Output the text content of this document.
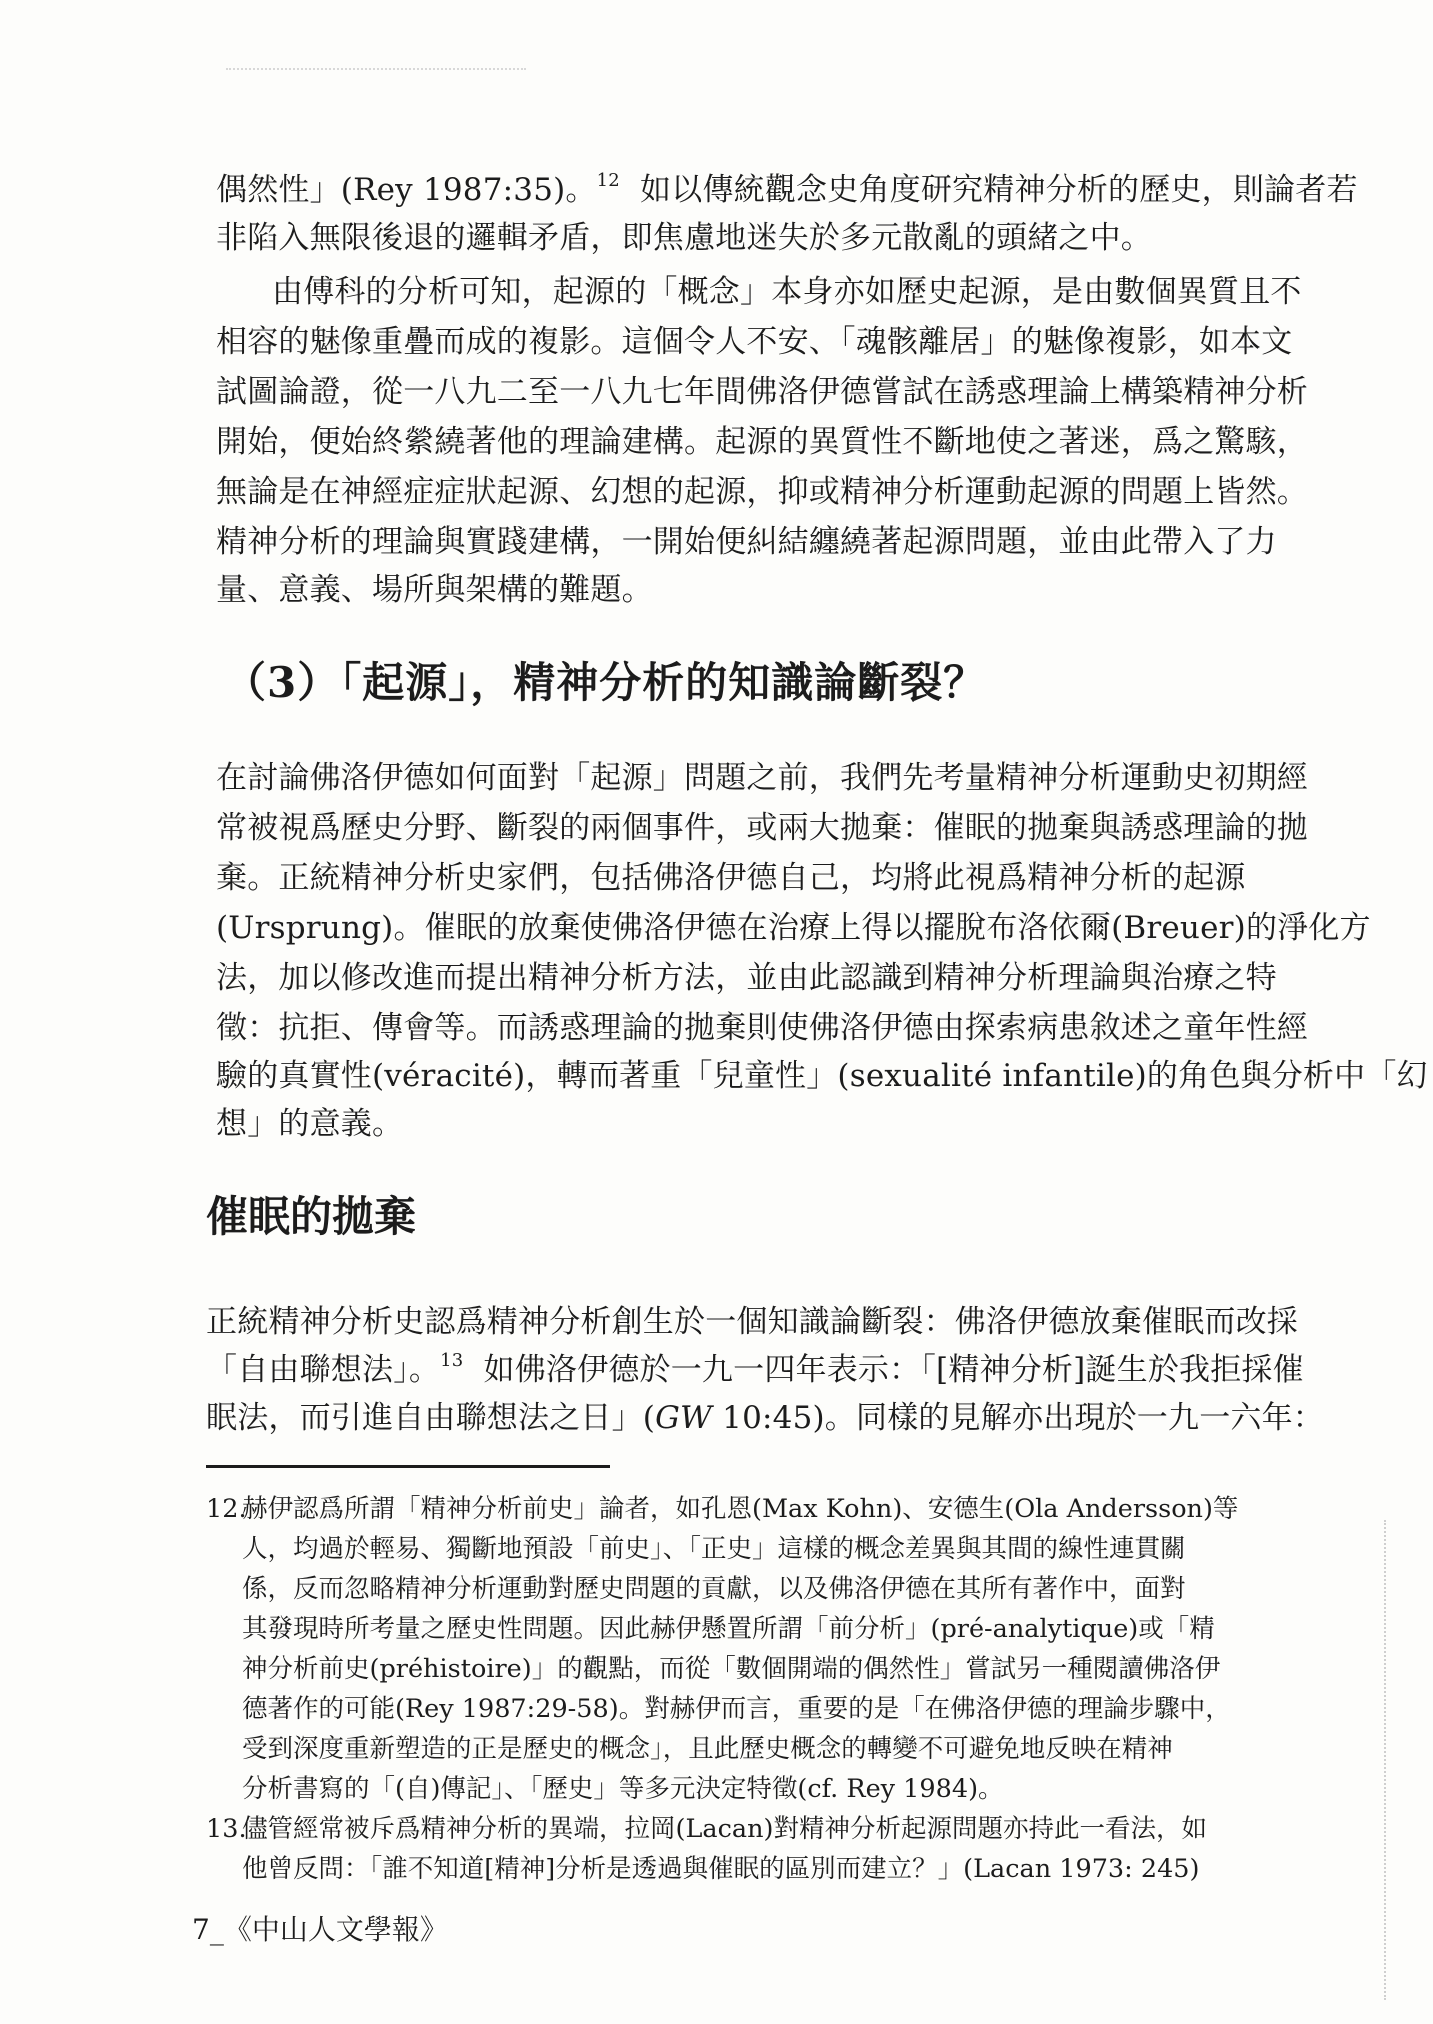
偶然性」(Rey 1987:35)。$^{12}$ 如以傳統觀念史角度研究精神分析的歷史，則論者若
非陷入無限後退的邏輯矛盾，即焦慮地迷失於多元散亂的頭緒之中。
由傅科的分析可知，起源的「概念」本身亦如歷史起源，是由數個異質且不
相容的魅像重疊而成的複影。這個令人不安、「魂骸離居」的魅像複影，如本文
試圖論證，從一八九二至一八九七年間佛洛伊德嘗試在誘惑理論上構築精神分析
開始，便始終縈繞著他的理論建構。起源的異質性不斷地使之著迷，爲之驚駭，
無論是在神經症症狀起源、幻想的起源，抑或精神分析運動起源的問題上皆然。
精神分析的理論與實踐建構，一開始便糾結纏繞著起源問題，並由此帶入了力
量、意義、場所與架構的難題。
（3）「起源」，精神分析的知識論斷裂？
在討論佛洛伊德如何面對「起源」問題之前，我們先考量精神分析運動史初期經
常被視爲歷史分野、斷裂的兩個事件，或兩大拋棄：催眠的拋棄與誘惑理論的拋
棄。正統精神分析史家們，包括佛洛伊德自己，均將此視爲精神分析的起源
(Ursprung)。催眠的放棄使佛洛伊德在治療上得以擺脫布洛依爾(Breuer)的淨化方
法，加以修改進而提出精神分析方法，並由此認識到精神分析理論與治療之特
徵：抗拒、傳會等。而誘惑理論的拋棄則使佛洛伊德由探索病患敘述之童年性經
驗的真實性(véracité)，轉而著重「兒童性」(sexualité infantile)的角色與分析中「幻
想」的意義。
催眠的拋棄
正統精神分析史認爲精神分析創生於一個知識論斷裂：佛洛伊德放棄催眠而改採
「自由聯想法」。$^{13}$ 如佛洛伊德於一九一四年表示：「[精神分析]誕生於我拒採催
眠法，而引進自由聯想法之日」(GW 10:45)。同樣的見解亦出現於一九一六年：
12.赫伊認爲所謂「精神分析前史」論者，如孔恩(Max Kohn)、安德生(Ola Andersson)等
人，均過於輕易、獨斷地預設「前史」、「正史」這樣的概念差異與其間的線性連貫關
係，反而忽略精神分析運動對歷史問題的貢獻，以及佛洛伊德在其所有著作中，面對
其發現時所考量之歷史性問題。因此赫伊懸置所謂「前分析」(pré-analytique)或「精
神分析前史(préhistoire)」的觀點，而從「數個開端的偶然性」嘗試另一種閱讀佛洛伊
德著作的可能(Rey 1987:29-58)。對赫伊而言，重要的是「在佛洛伊德的理論步驟中，
受到深度重新塑造的正是歷史的概念」，且此歷史概念的轉變不可避免地反映在精神
分析書寫的「(自)傳記」、「歷史」等多元決定特徵(cf. Rey 1984)。
13.儘管經常被斥爲精神分析的異端，拉岡(Lacan)對精神分析起源問題亦持此一看法，如
他曾反問：「誰不知道[精神]分析是透過與催眠的區別而建立？」(Lacan 1973: 245)
7_《中山人文學報》
